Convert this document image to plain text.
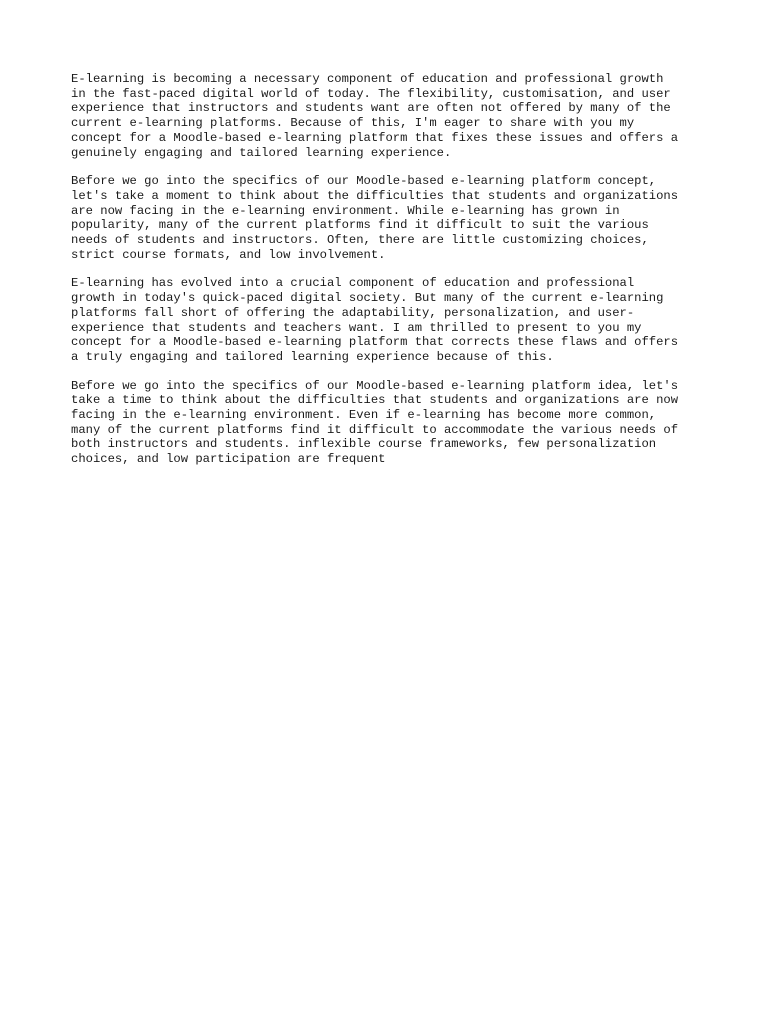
E-learning is becoming a necessary component of education and professional growth
in the fast-paced digital world of today. The flexibility, customisation, and user
experience that instructors and students want are often not offered by many of the
current e-learning platforms. Because of this, I'm eager to share with you my
concept for a Moodle-based e-learning platform that fixes these issues and offers a
genuinely engaging and tailored learning experience.

Before we go into the specifics of our Moodle-based e-learning platform concept,
let's take a moment to think about the difficulties that students and organizations
are now facing in the e-learning environment. While e-learning has grown in
popularity, many of the current platforms find it difficult to suit the various
needs of students and instructors. Often, there are little customizing choices,
strict course formats, and low involvement.

E-learning has evolved into a crucial component of education and professional
growth in today's quick-paced digital society. But many of the current e-learning
platforms fall short of offering the adaptability, personalization, and user-
experience that students and teachers want. I am thrilled to present to you my
concept for a Moodle-based e-learning platform that corrects these flaws and offers
a truly engaging and tailored learning experience because of this.

Before we go into the specifics of our Moodle-based e-learning platform idea, let's
take a time to think about the difficulties that students and organizations are now
facing in the e-learning environment. Even if e-learning has become more common,
many of the current platforms find it difficult to accommodate the various needs of
both instructors and students. inflexible course frameworks, few personalization
choices, and low participation are frequent
